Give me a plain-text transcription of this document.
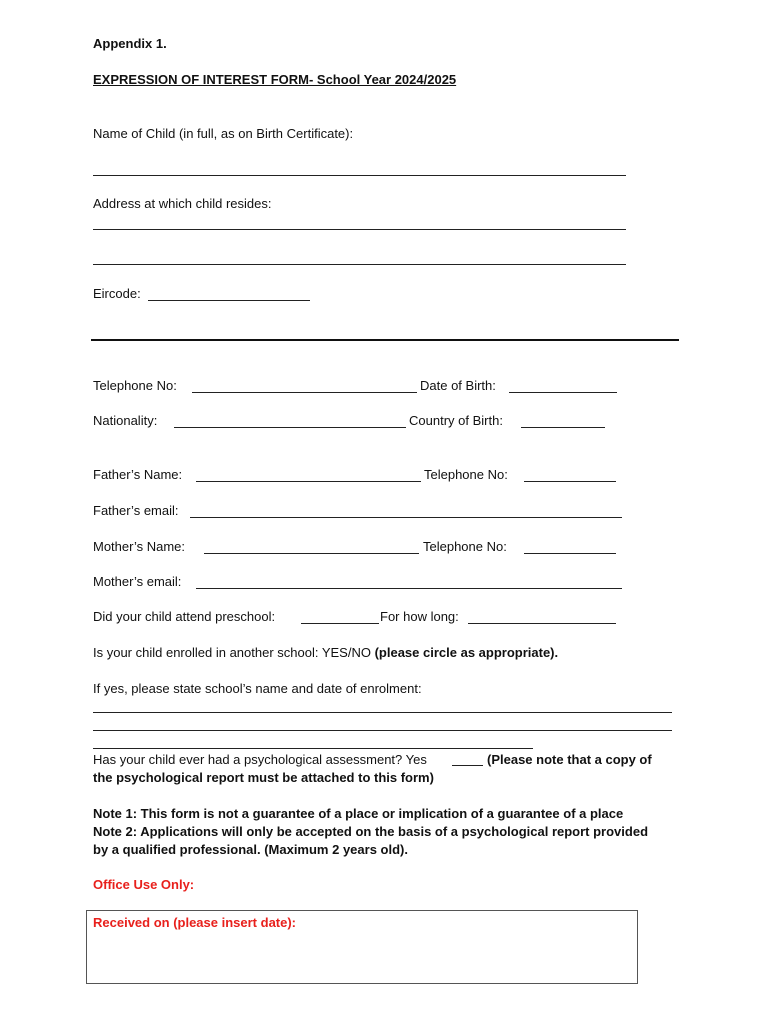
Appendix 1.
EXPRESSION OF INTEREST FORM- School Year 2024/2025
Name of Child (in full, as on Birth Certificate):
Address at which child resides:
Eircode:
Telephone No:	Date of Birth:
Nationality:	Country of Birth:
Father’s Name:	Telephone No:
Father’s email:
Mother’s Name:	Telephone No:
Mother’s email:
Did your child attend preschool:	For how long:
Is your child enrolled in another school: YES/NO (please circle as appropriate).
If yes, please state school’s name and date of enrolment:
Has your child ever had a psychological assessment? Yes	(Please note that a copy of
the psychological report must be attached to this form)
Note 1: This form is not a guarantee of a place or implication of a guarantee of a place
Note 2: Applications will only be accepted on the basis of a psychological report provided
by a qualified professional. (Maximum 2 years old).
Office Use Only:
Received on (please insert date):
